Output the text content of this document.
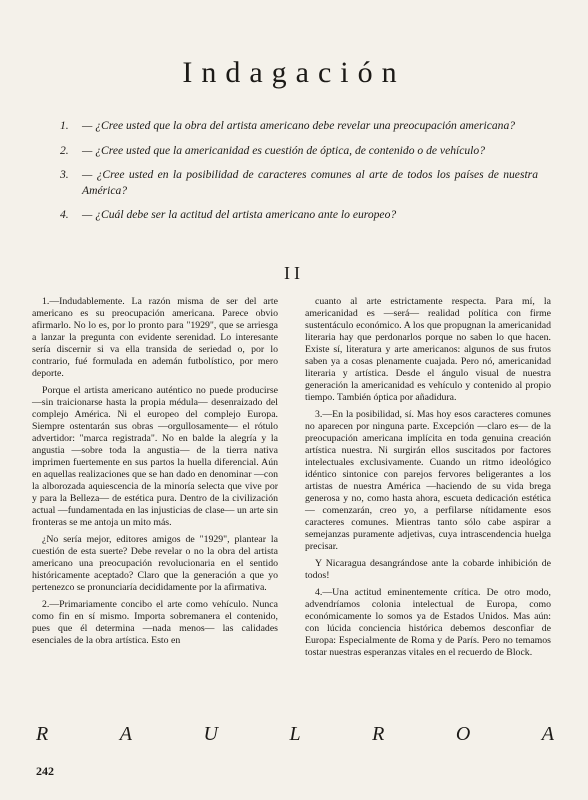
Indagación
1.	— ¿Cree usted que la obra del artista americano debe revelar una preocupación americana?
2.	— ¿Cree usted que la americanidad es cuestión de óptica, de contenido o de vehículo?
3.	— ¿Cree usted en la posibilidad de caracteres comunes al arte de todos los países de nuestra América?
4.	— ¿Cuál debe ser la actitud del artista americano ante lo europeo?
II

1.—Indudablemente. La razón misma de ser del arte americano es su preocupación americana. Parece obvio afirmarlo. No lo es, por lo pronto para "1929", que se arriesga a lanzar la pregunta con evidente serenidad. Lo interesante sería discernir si va ella transida de seriedad o, por lo contrario, fué formulada en ademán futbolístico, por mero deporte.

Porque el artista americano auténtico no puede producirse —sin traicionarse hasta la propia médula— desenraizado del complejo América. Ni el europeo del complejo Europa. Siempre ostentarán sus obras —orgullosamente— el rótulo advertidor: "marca registrada". No en balde la alegría y la angustia —sobre toda la angustia— de la tierra nativa imprimen fuertemente en sus partos la huella diferencial. Aún en aquellas realizaciones que se han dado en denominar —con la alborozada aquiescencia de la minoría selecta que vive por y para la Belleza— de estética pura. Dentro de la civilización actual —fundamentada en las injusticias de clase— un arte sin fronteras se me antoja un mito más.

¿No sería mejor, editores amigos de "1929", plantear la cuestión de esta suerte? Debe revelar o no la obra del artista americano una preocupación revolucionaria en el sentido históricamente aceptado? Claro que la generación a que yo pertenezco se pronunciaría decididamente por la afirmativa.

2.—Primariamente concibo el arte como vehículo. Nunca como fin en sí mismo. Importa sobremanera el contenido, pues que él determina —nada menos— las calidades esenciales de la obra artística. Esto en

cuanto al arte estrictamente respecta. Para mí, la americanidad es —será— realidad política con firme sustentáculo económico. A los que propugnan la americanidad literaria hay que perdonarlos porque no saben lo que hacen. Existe sí, literatura y arte americanos: algunos de sus frutos saben ya a cosas plenamente cuajada. Pero nó, americanidad literaria y artística. Desde el ángulo visual de nuestra generación la americanidad es vehículo y contenido al propio tiempo. También óptica por añadidura.

3.—En la posibilidad, sí. Mas hoy esos caracteres comunes no aparecen por ninguna parte. Excepción —claro es— de la preocupación americana implícita en toda genuina creación artística nuestra. Ni surgirán ellos suscitados por factores intelectuales exclusivamente. Cuando un ritmo ideológico idéntico sintonice con parejos fervores beligerantes a los artistas de nuestra América —haciendo de su vida brega generosa y no, como hasta ahora, escueta dedicación estética— comenzarán, creo yo, a perfilarse nítidamente esos caracteres comunes. Mientras tanto sólo cabe aspirar a semejanzas puramente adjetivas, cuya intrascendencia huelga precisar.

Y Nicaragua desangrándose ante la cobarde inhibición de todos!

4.—Una actitud eminentemente crítica. De otro modo, advendríamos colonia intelectual de Europa, como económicamente lo somos ya de Estados Unidos. Mas aún: con lúcida conciencia histórica debemos desconfiar de Europa: Especialmente de Roma y de París. Pero no temamos tostar nuestras esperanzas vitales en el recuerdo de Block.

R	A	U	L	R	O	A
242
